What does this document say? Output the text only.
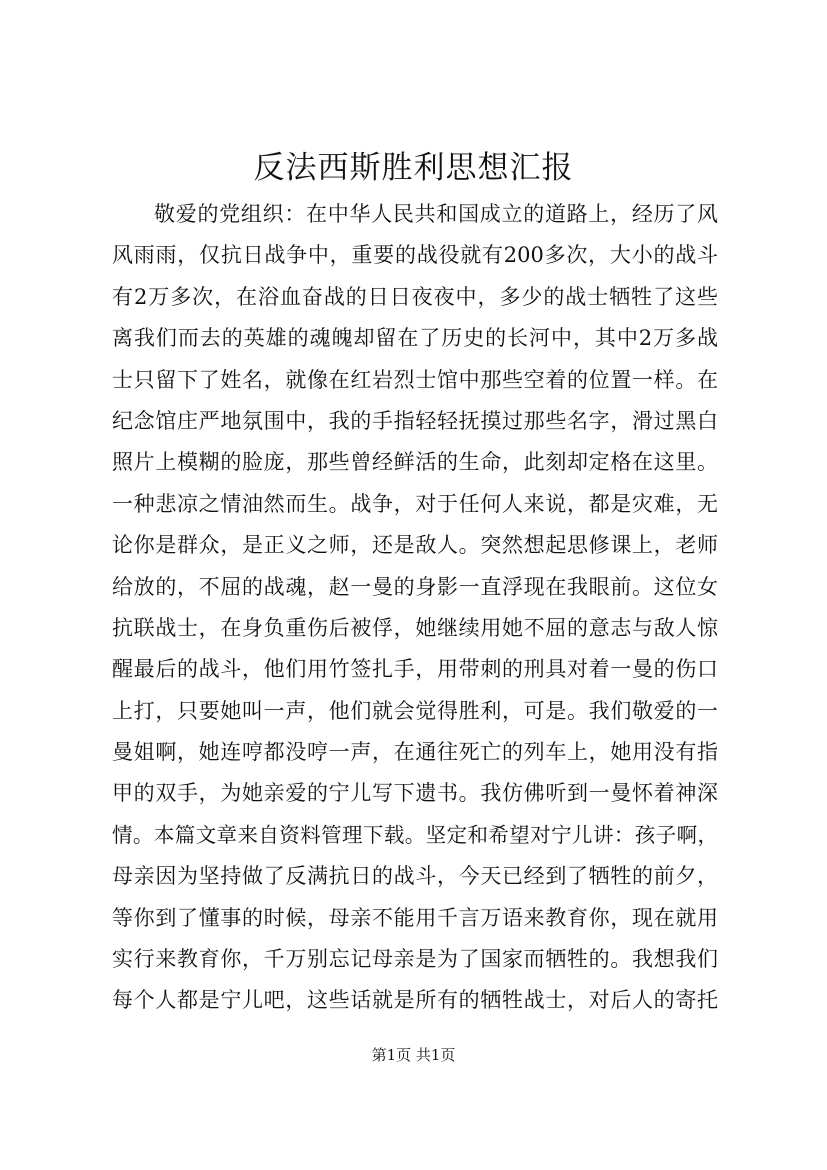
反法西斯胜利思想汇报
敬爱的党组织：在中华人民共和国成立的道路上，经历了风
风雨雨，仅抗日战争中，重要的战役就有200多次，大小的战斗
有2万多次，在浴血奋战的日日夜夜中，多少的战士牺牲了这些
离我们而去的英雄的魂魄却留在了历史的长河中，其中2万多战
士只留下了姓名，就像在红岩烈士馆中那些空着的位置一样。在
纪念馆庄严地氛围中，我的手指轻轻抚摸过那些名字，滑过黑白
照片上模糊的脸庞，那些曾经鲜活的生命，此刻却定格在这里。
一种悲凉之情油然而生。战争，对于任何人来说，都是灾难，无
论你是群众，是正义之师，还是敌人。突然想起思修课上，老师
给放的，不屈的战魂，赵一曼的身影一直浮现在我眼前。这位女
抗联战士，在身负重伤后被俘，她继续用她不屈的意志与敌人惊
醒最后的战斗，他们用竹签扎手，用带刺的刑具对着一曼的伤口
上打，只要她叫一声，他们就会觉得胜利，可是。我们敬爱的一
曼姐啊，她连哼都没哼一声，在通往死亡的列车上，她用没有指
甲的双手，为她亲爱的宁儿写下遗书。我仿佛听到一曼怀着神深
情。本篇文章来自资料管理下载。坚定和希望对宁儿讲：孩子啊，
母亲因为坚持做了反满抗日的战斗，今天已经到了牺牲的前夕，
等你到了懂事的时候，母亲不能用千言万语来教育你，现在就用
实行来教育你，千万别忘记母亲是为了国家而牺牲的。我想我们
每个人都是宁儿吧，这些话就是所有的牺牲战士，对后人的寄托
第1页 共1页
